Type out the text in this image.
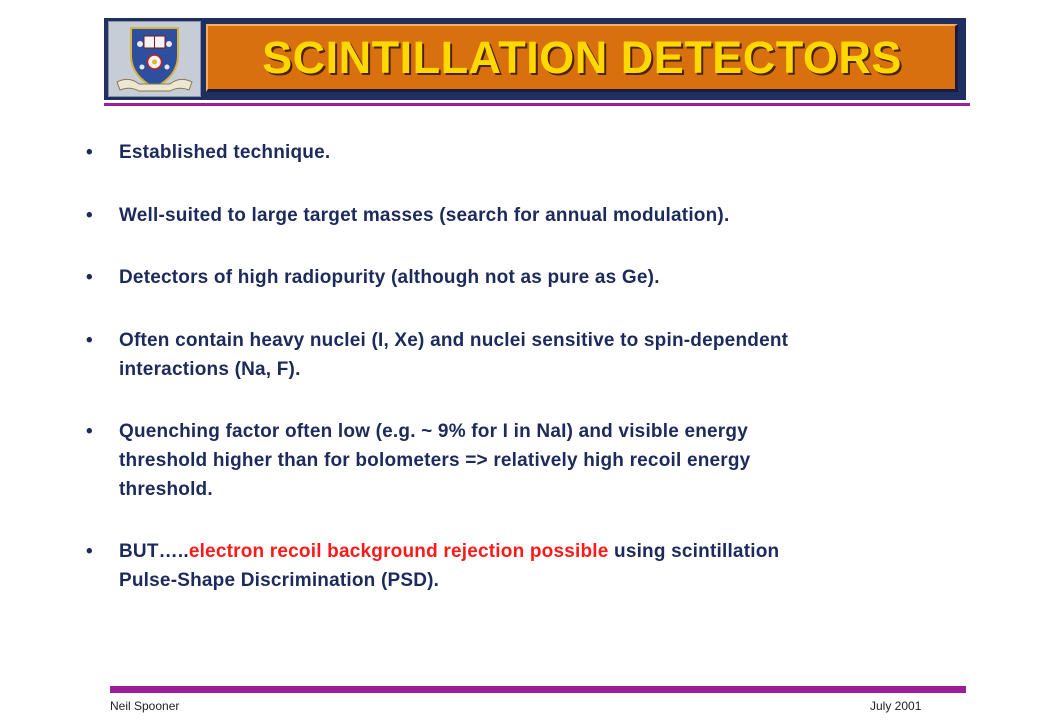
SCINTILLATION DETECTORS
• Established technique.
• Well-suited to large target masses (search for annual modulation).
• Detectors of high radiopurity (although not as pure as Ge).
• Often contain heavy nuclei (I, Xe) and nuclei sensitive to spin-dependent
interactions (Na, F).
• Quenching factor often low (e.g. ~ 9% for I in NaI) and visible energy
threshold higher than for bolometers => relatively high recoil energy
threshold.
• BUT…..electron recoil background rejection possible using scintillation
Pulse-Shape Discrimination (PSD).
Neil Spooner	July 2001
